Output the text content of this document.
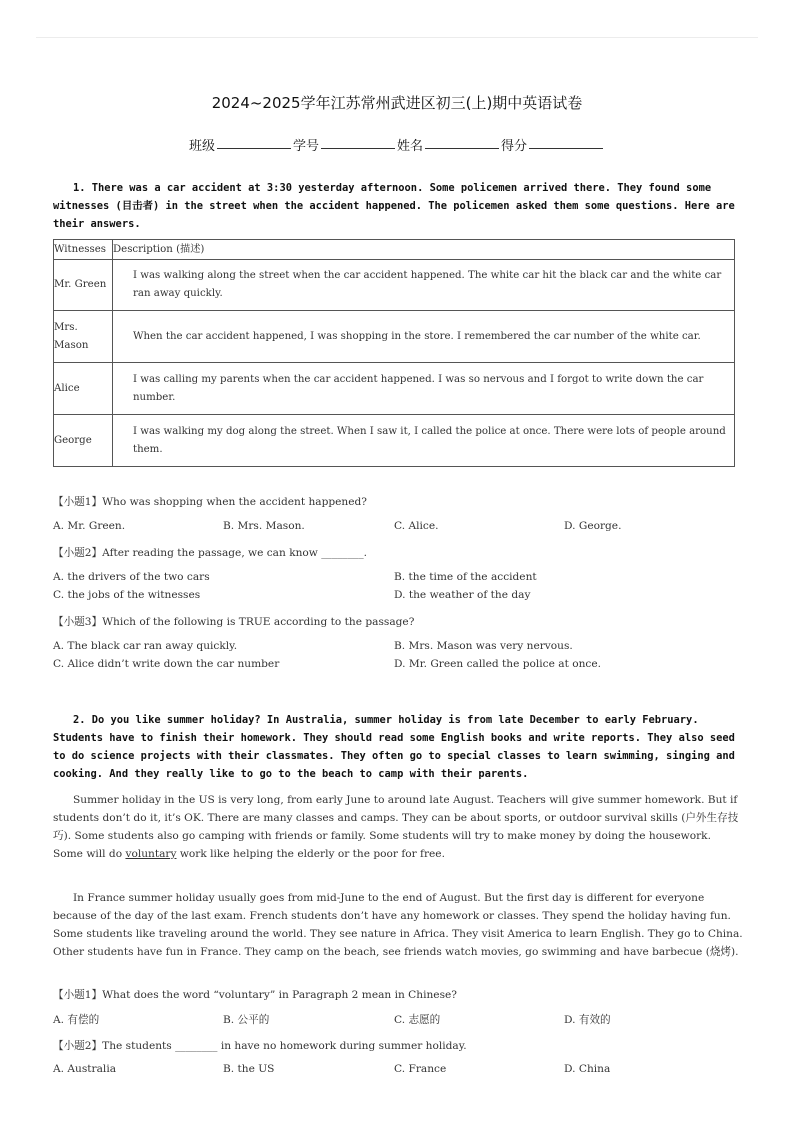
2024~2025学年江苏常州武进区初三(上)期中英语试卷
班级	学号	姓名	得分
1. There was a car accident at 3:30 yesterday afternoon. Some policemen arrived there. They found some witnesses (目击者) in the street when the accident happened. The policemen asked them some questions. Here are their answers.
Witnesses	Description (描述)
Mr. Green	I was walking along the street when the car accident happened. The white car hit the black car and the white car ran away quickly.

Mrs. Mason	When the car accident happened, I was shopping in the store. I remembered the car number of the white car.

Alice	I was calling my parents when the car accident happened. I was so nervous and I forgot to write down the car number.

George	I was walking my dog along the street. When I saw it, I called the police at once. There were lots of people around them.
【小题1】Who was shopping when the accident happened?
A. Mr. Green.	B. Mrs. Mason.	C. Alice.	D. George.
【小题2】After reading the passage, we can know ________.
A. the drivers of the two cars	B. the time of the accident
C. the jobs of the witnesses	D. the weather of the day
【小题3】Which of the following is TRUE according to the passage?
A. The black car ran away quickly.	B. Mrs. Mason was very nervous.
C. Alice didn’t write down the car number	D. Mr. Green called the police at once.
2. Do you like summer holiday? In Australia, summer holiday is from late December to early February. Students have to finish their homework. They should read some English books and write reports. They also seed to do science projects with their classmates. They often go to special classes to learn swimming, singing and cooking. And they really like to go to the beach to camp with their parents.
Summer holiday in the US is very long, from early June to around late August. Teachers will give summer homework. But if students don’t do it, it’s OK. There are many classes and camps. They can be about sports, or outdoor survival skills (户外生存技巧). Some students also go camping with friends or family. Some students will try to make money by doing the housework. Some will do voluntary work like helping the elderly or the poor for free.
In France summer holiday usually goes from mid-June to the end of August. But the first day is different for everyone because of the day of the last exam. French students don’t have any homework or classes. They spend the holiday having fun. Some students like traveling around the world. They see nature in Africa. They visit America to learn English. They go to China. Other students have fun in France. They camp on the beach, see friends watch movies, go swimming and have barbecue (烧烤).
【小题1】What does the word “voluntary” in Paragraph 2 mean in Chinese?
A. 有偿的	B. 公平的	C. 志愿的	D. 有效的
【小题2】The students ________ in have no homework during summer holiday.
A. Australia	B. the US	C. France	D. China
